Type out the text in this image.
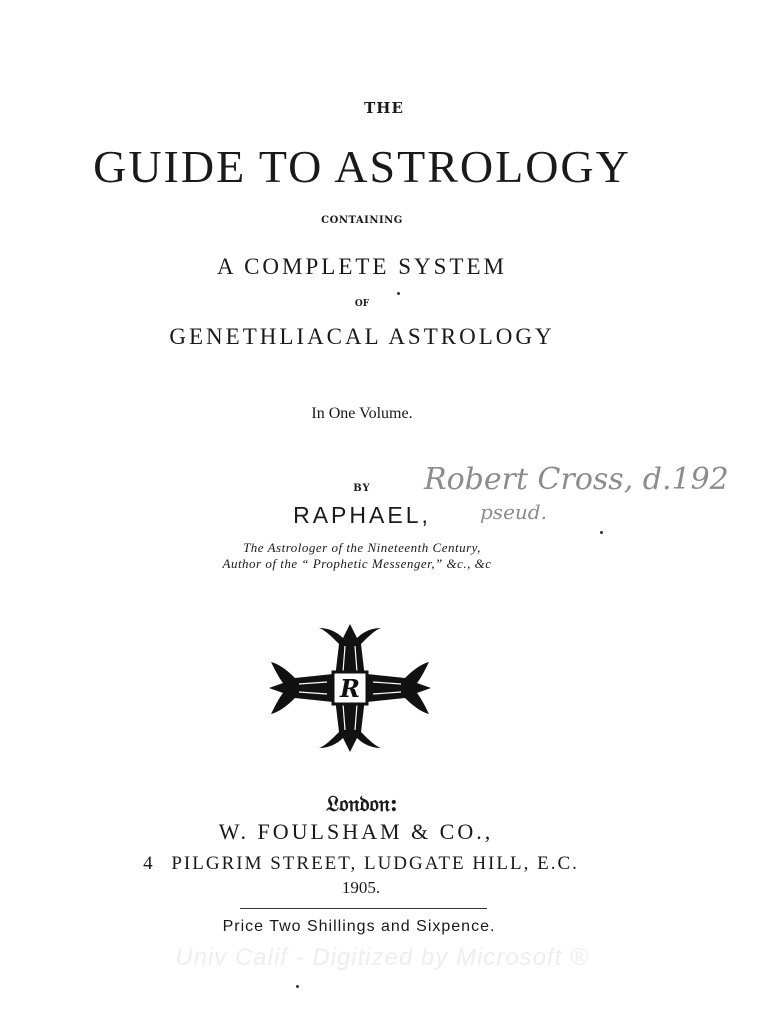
THE
GUIDE TO ASTROLOGY
CONTAINING
A COMPLETE SYSTEM
OF
GENETHLIACAL ASTROLOGY
In One Volume.
BY
RAPHAEL,
The Astrologer of the Nineteenth Century,
Author of the “ Prophetic Messenger,” &c., &c
Robert Cross, d.192
pseud.
R
𝔏𝔬𝔫𝔡𝔬𝔫:
W. FOULSHAM & CO.,
4 PILGRIM STREET, LUDGATE HILL, E.C.
1905.
Price Two Shillings and Sixpence.
Univ Calif - Digitized by Microsoft ®
